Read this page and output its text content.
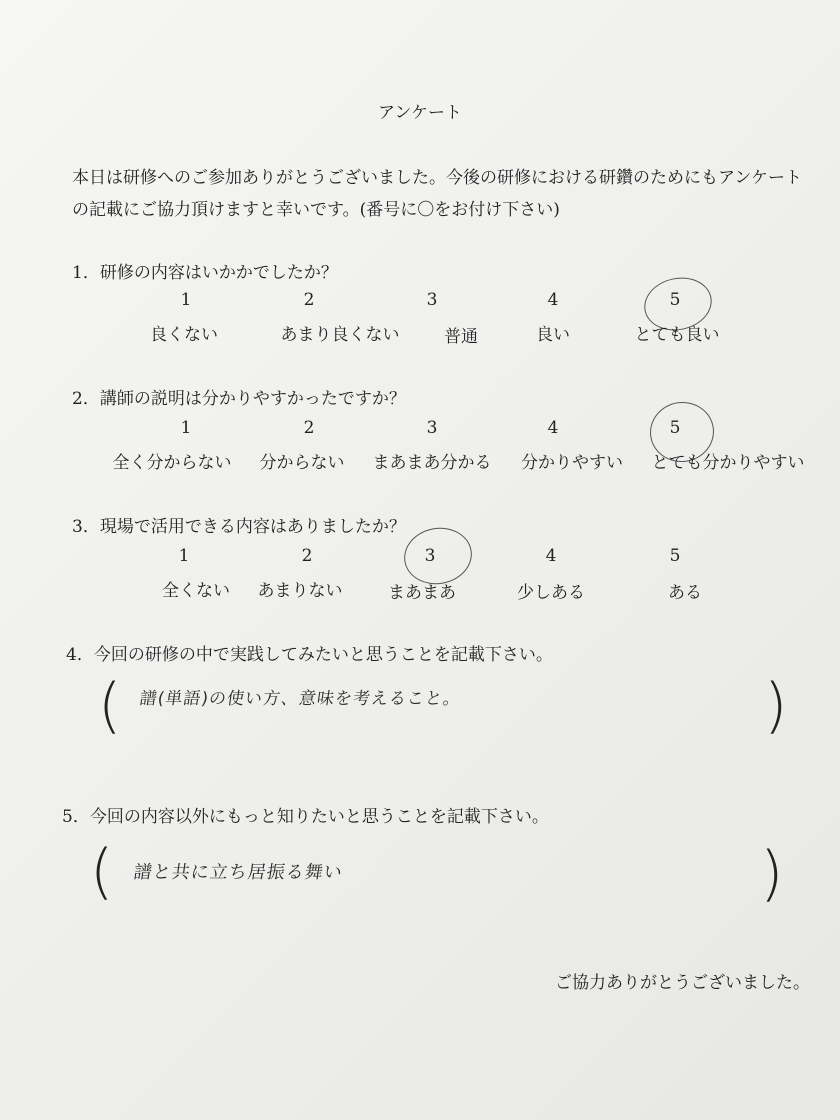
アンケート
本日は研修へのご参加ありがとうございました。今後の研修における研鑽のためにもアンケートの記載にご協力頂けますと幸いです。(番号に〇をお付け下さい)
1．研修の内容はいかかでしたか？
1	2	3	4	5
良くない	あまり良くない	普通	良い	とても良い
2．講師の説明は分かりやすかったですか？
1	2	3	4	5
全く分からない	分からない	まあまあ分かる	分かりやすい	とても分かりやすい
3．現場で活用できる内容はありましたか？
1	2	3	4	5
全くない	あまりない	まあまあ	少しある	ある
4．今回の研修の中で実践してみたいと思うことを記載下さい。
( 譜(単語)の使い方、意味を考えること。	)
5．今回の内容以外にもっと知りたいと思うことを記載下さい。
( 譜と共に立ち居振る舞い	)
ご協力ありがとうございました。
